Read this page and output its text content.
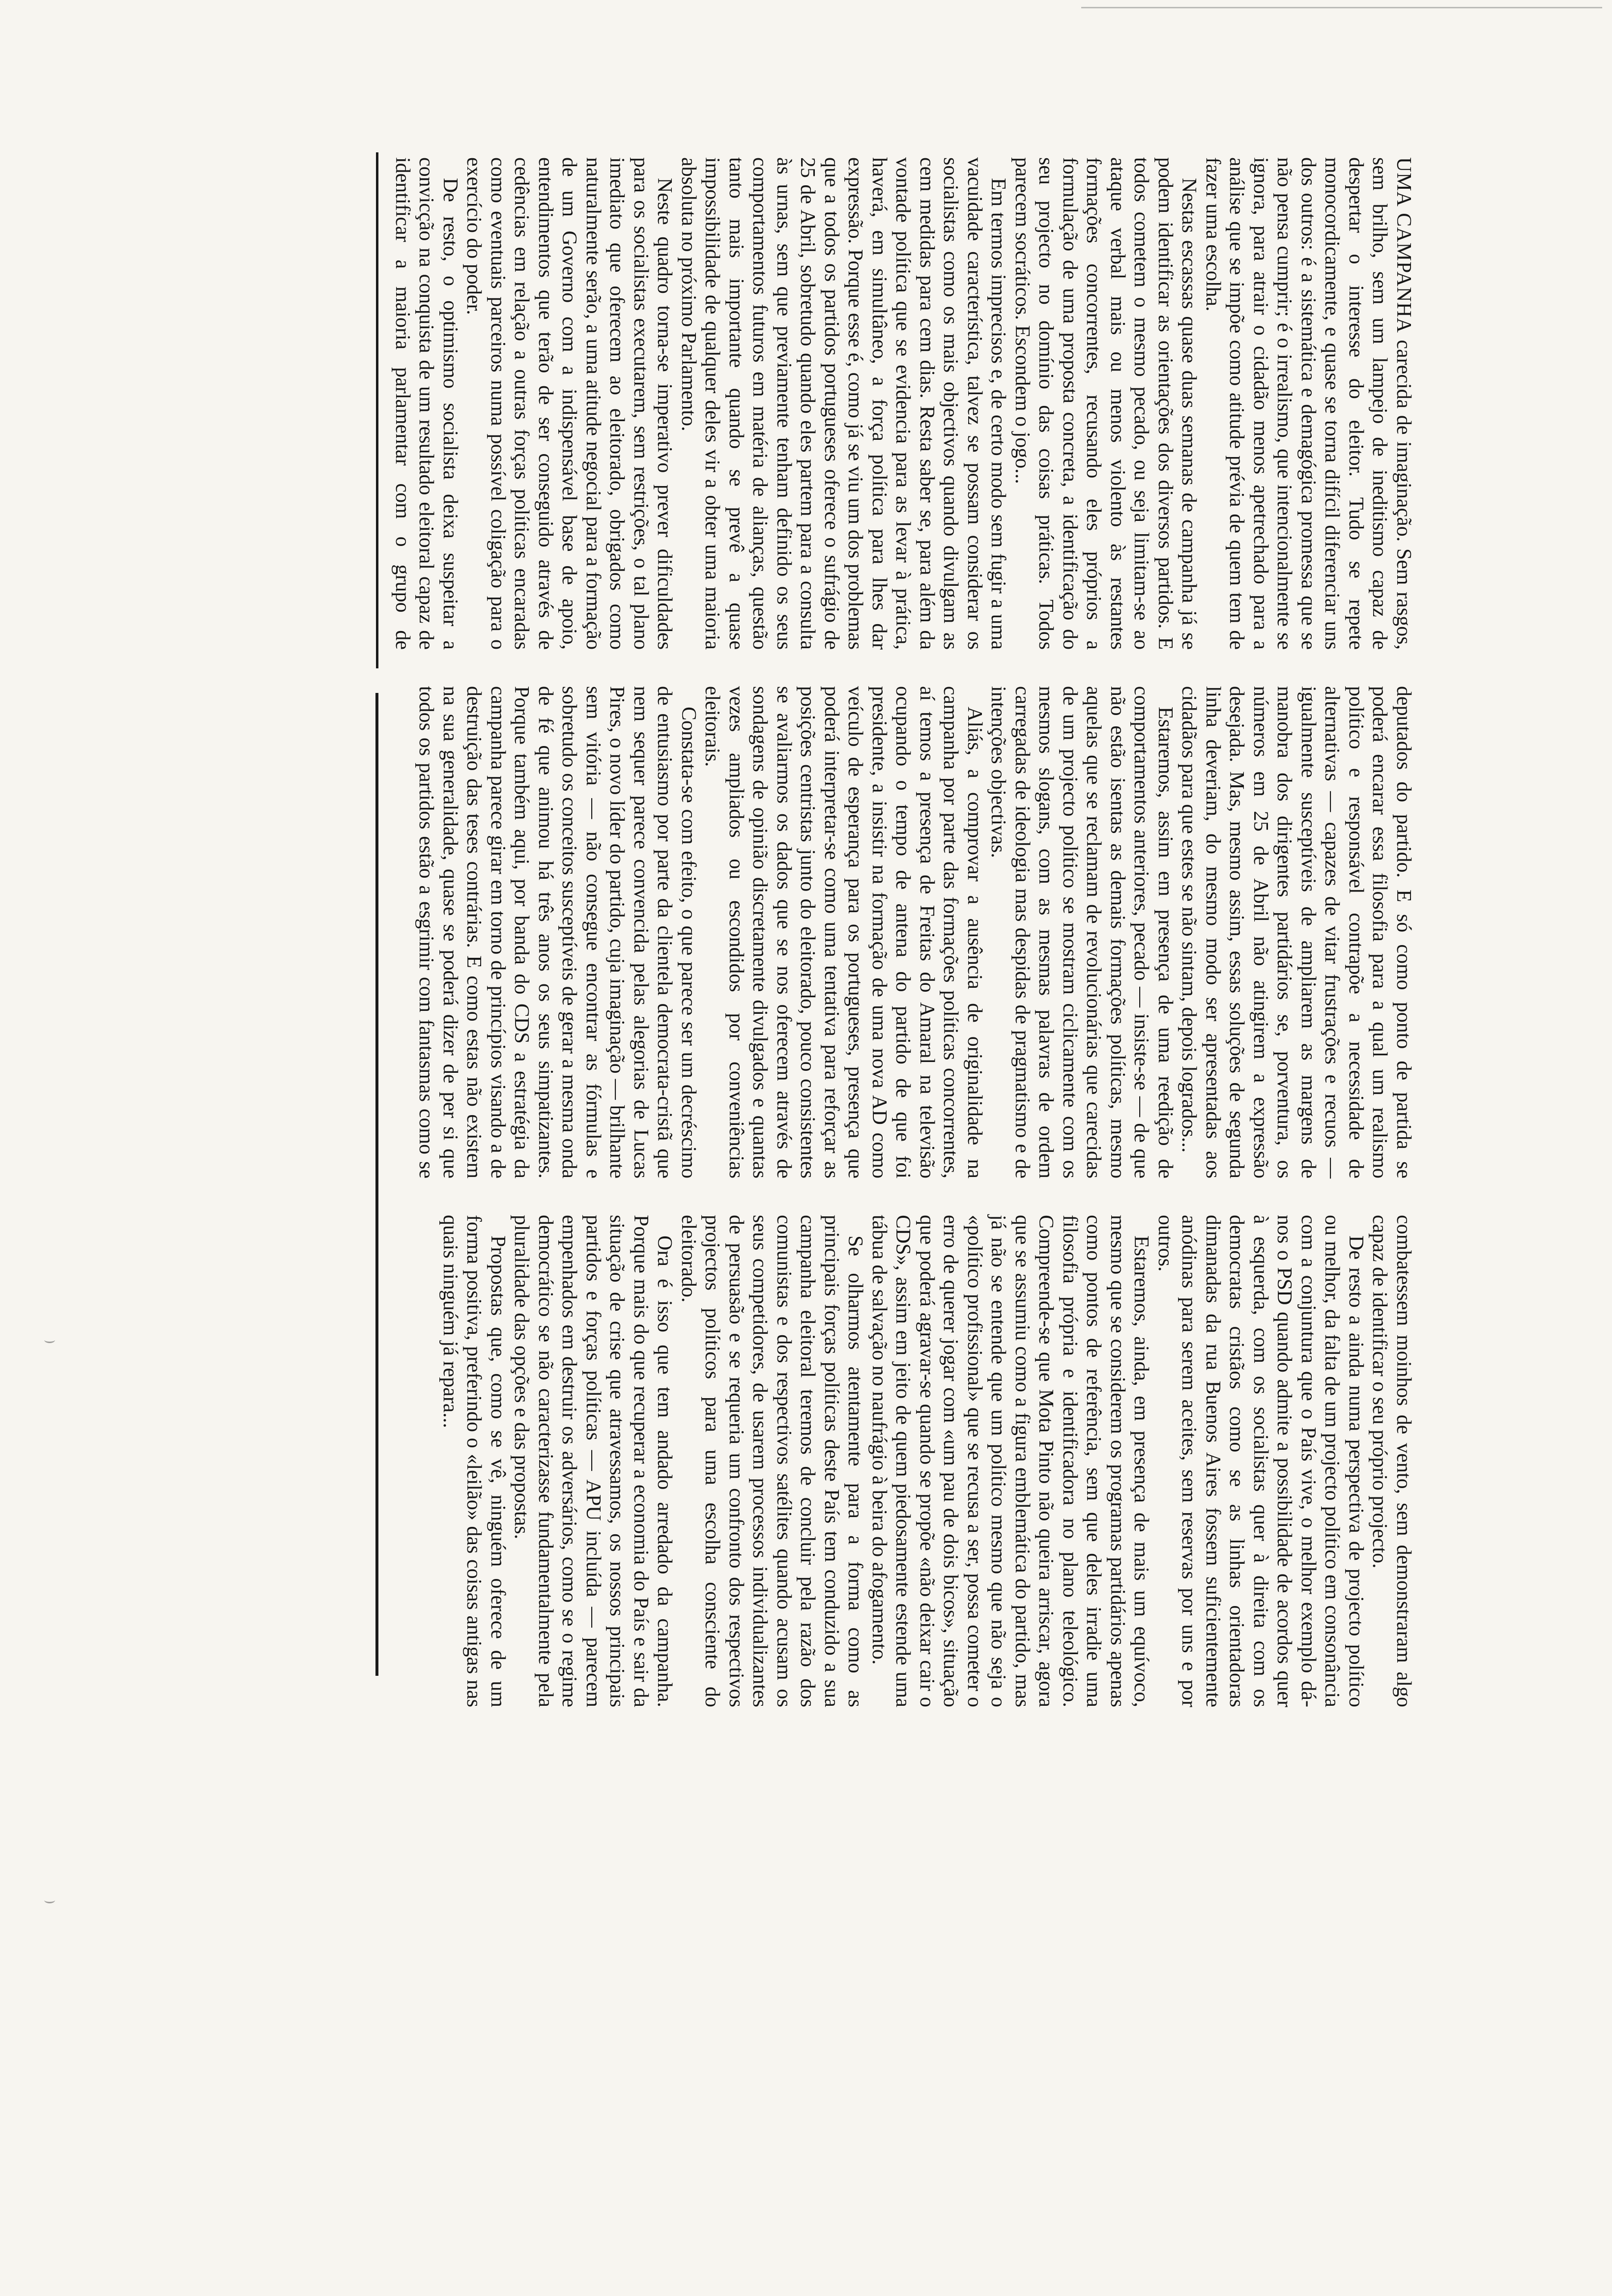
UMA CAMPANHA carecida de imaginação. Sem rasgos, sem brilho, sem um lampejo de ineditismo capaz de despertar o interesse do eleitor. Tudo se repete monocordicamente, e quase se torna difícil diferenciar uns dos outros: é a sistemática e demagógica promessa que se não pensa cumprir; é o irrealismo, que intencionalmente se ignora, para atrair o cidadão menos apetrechado para a análise que se impõe como atitude prévia de quem tem de fazer uma escolha.

Nestas escassas quase duas semanas de campanha já se podem identificar as orientações dos diversos partidos. E todos cometem o mesmo pecado, ou seja limitam-se ao ataque verbal mais ou menos violento às restantes formações concorrentes, recusando eles próprios a formulação de uma proposta concreta, a identificação do seu projecto no domínio das coisas práticas. Todos parecem socráticos. Escondem o jogo...

Em termos imprecisos e, de certo modo sem fugir a uma vacuidade característica, talvez se possam considerar os socialistas como os mais objectivos quando divulgam as cem medidas para cem dias. Resta saber se, para além da vontade política que se evidencia para as levar à prática, haverá, em simultâneo, a força política para lhes dar expressão. Porque esse é, como já se viu um dos problemas que a todos os partidos portugueses oferece o sufrágio de 25 de Abril, sobretudo quando eles partem para a consulta às urnas, sem que previamente tenham definido os seus comportamentos futuros em matéria de alianças, questão tanto mais importante quando se prevê a quase impossibilidade de qualquer deles vir a obter uma maioria absoluta no próximo Parlamento.

Neste quadro torna-se imperativo prever dificuldades para os socialistas executarem, sem restrições, o tal plano imediato que oferecem ao eleitorado, obrigados como naturalmente serão, a uma atitude negocial para a formação de um Governo com a indispensável base de apoio, entendimentos que terão de ser conseguido através de cedências em relação a outras forças políticas encaradas como eventuais parceiros numa possível coligação para o exercício do poder.

De resto, o optimismo socialista deixa suspeitar a convicção na conquista de um resultado eleitoral capaz de identificar a maioria parlamentar com o grupo de deputados do partido. E só como ponto de partida se poderá encarar essa filosofia para a qual um realismo político e responsável contrapõe a necessidade de alternativas — capazes de vitar frustrações e recuos — igualmente susceptíveis de ampliarem as margens de manobra dos dirigentes partidários se, porventura, os números em 25 de Abril não atingirem a expressão desejada. Mas, mesmo assim, essas soluções de segunda linha deveriam, do mesmo modo ser apresentadas aos cidadãos para que estes se não sintam, depois logrados...

Estaremos, assim em presença de uma reedição de comportamentos anteriores, pecado — insiste-se — de que não estão isentas as demais formações políticas, mesmo aquelas que se reclamam de revolucionárias que carecidas de um projecto político se mostram ciclicamente com os mesmos slogans, com as mesmas palavras de ordem carregadas de ideologia mas despidas de pragmatismo e de intenções objectivas.

Aliás, a comprovar a ausência de originalidade na campanha por parte das formações políticas concorrentes, aí temos a presença de Freitas do Amaral na televisão ocupando o tempo de antena do partido de que foi presidente, a insistir na formação de uma nova AD como veículo de esperança para os portugueses, presença que poderá interpretar-se como uma tentativa para reforçar as posições centristas junto do eleitorado, pouco consistentes se avaliarmos os dados que se nos oferecem através de sondagens de opinião discretamente divulgados e quantas vezes ampliados ou escondidos por conveniências eleitorais.

Constata-se com efeito, o que parece ser um decréscimo de entusiasmo por parte da clientela democrata-cristã que nem sequer parece convencida pelas alegorias de Lucas Pires, o novo líder do partido, cuja imaginação — brilhante sem vitória — não consegue encontrar as fórmulas e sobretudo os conceitos susceptíveis de gerar a mesma onda de fé que animou há três anos os seus simpatizantes. Porque também aqui, por banda do CDS a estratégia da campanha parece girar em torno de princípios visando a de destruição das teses contrárias. E como estas não existem na sua generalidade, quase se poderá dizer de per si que todos os partidos estão a esgrimir com fantasmas como se combatessem moinhos de vento, sem demonstraram algo capaz de identificar o seu próprio projecto.

De resto a ainda numa perspectiva de projecto político ou melhor, da falta de um projecto político em consonância com a conjuntura que o País vive, o melhor exemplo dá-nos o PSD quando admite a possibilidade de acordos quer à esquerda, com os socialistas quer à direita com os democratas cristãos como se as linhas orientadoras dimanadas da rua Buenos Aires fossem suficientemente anódinas para serem aceites, sem reservas por uns e por outros.

Estaremos, ainda, em presença de mais um equívoco, mesmo que se considerem os programas partidários apenas como pontos de referência, sem que deles irradie uma filosofia própria e identificadora no plano teleológico. Compreende-se que Mota Pinto não queira arriscar, agora que se assumiu como a figura emblemática do partido, mas já não se entende que um político mesmo que não seja o «político profissional» que se recusa a ser, possa cometer o erro de querer jogar com «um pau de dois bicos», situação que poderá agravar-se quando se propõe «não deixar cair o CDS», assim em jeito de quem piedosamente estende uma tábua de salvação no naufrágio à beira do afogamento.

Se olharmos atentamente para a forma como as principais forças políticas deste País tem conduzido a sua campanha eleitoral teremos de concluir pela razão dos comunistas e dos respectivos satélites quando acusam os seus competidores, de usarem processos individualizantes de persuasão e se requeria um confronto dos respectivos projectos políticos para uma escolha consciente do eleitorado.

Ora é isso que tem andado arredado da campanha. Porque mais do que recuperar a economia do País e sair da situação de crise que atravessamos, os nossos principais partidos e forças políticas — APU incluída — parecem empenhados em destruir os adversários, como se o regime democrático se não caracterizasse fundamentalmente pela pluralidade das opções e das propostas.

Propostas que, como se vê, ninguém oferece de um forma positiva, preferindo o «leilão» das coisas antigas nas quais ninguém já repara...
